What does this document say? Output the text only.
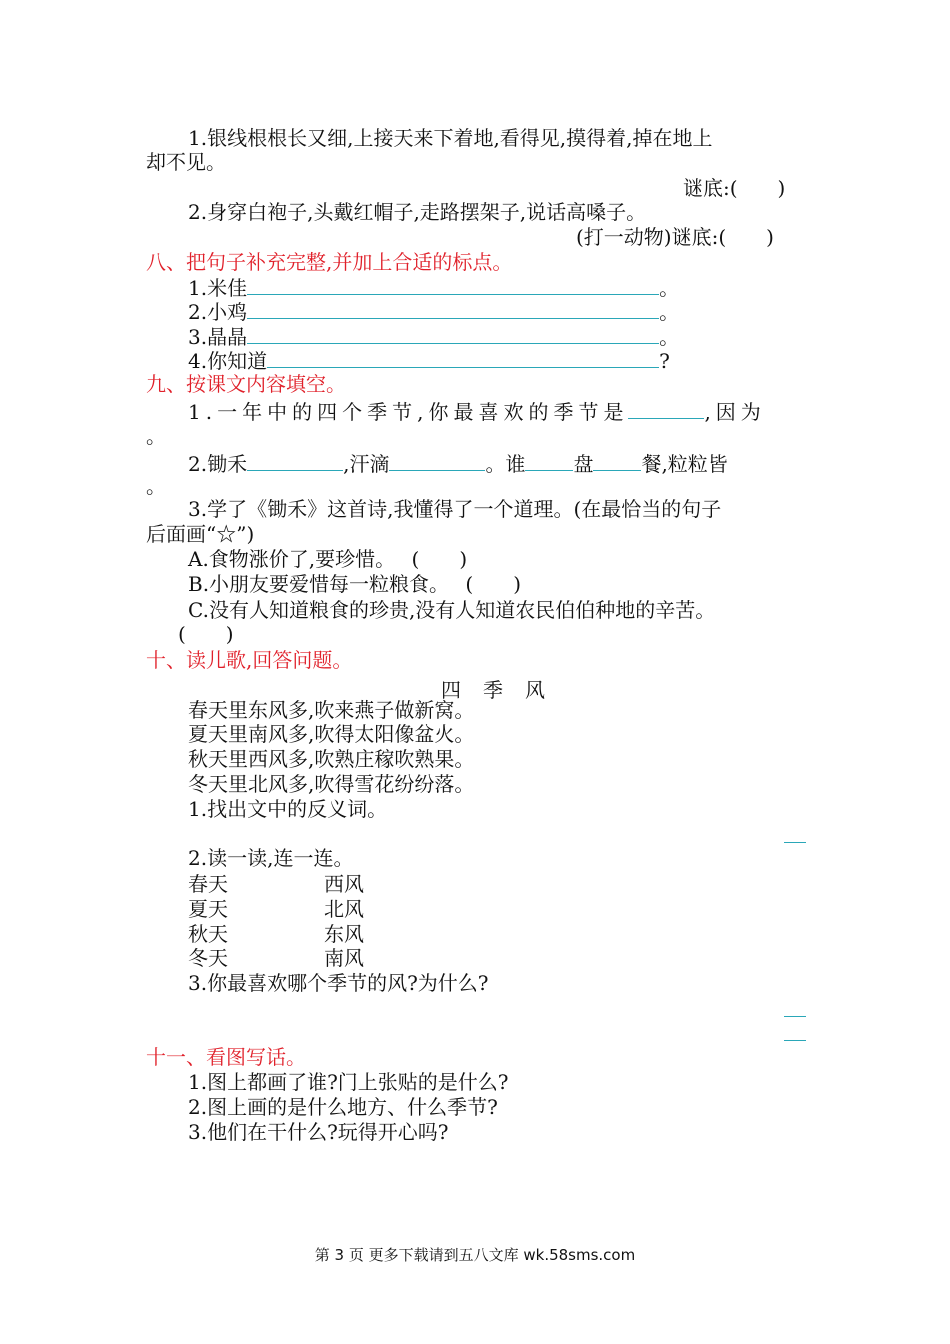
1.银线根根长又细,上接天来下着地,看得见,摸得着,掉在地上
却不见。
谜底:(　　)
2.身穿白袍子,头戴红帽子,走路摆架子,说话高嗓子。
(打一动物)谜底:(　　)
八、把句子补充完整,并加上合适的标点。
1.米佳	。
2.小鸡	。
3.晶晶	。
4.你知道	?
九、按课文内容填空。
1.一年中的四个季节,你最喜欢的季节是	,因为
。
2.锄禾	,汗滴	。谁 盘 餐,粒粒皆
。
3.学了《锄禾》这首诗,我懂得了一个道理。(在最恰当的句子
后面画“☆”)
A.食物涨价了,要珍惜。　 (　　)
B.小朋友要爱惜每一粒粮食。　 (　　)
C.没有人知道粮食的珍贵,没有人知道农民伯伯种地的辛苦。
(　　)
十、读儿歌,回答问题。
四季风
春天里东风多,吹来燕子做新窝。
夏天里南风多,吹得太阳像盆火。
秋天里西风多,吹熟庄稼吹熟果。
冬天里北风多,吹得雪花纷纷落。
1.找出文中的反义词。
2.读一读,连一连。
春天	西风
夏天	北风
秋天	东风
冬天	南风
3.你最喜欢哪个季节的风?为什么?
十一、看图写话。
1.图上都画了谁?门上张贴的是什么?
2.图上画的是什么地方、什么季节?
3.他们在干什么?玩得开心吗?
第 3 页 更多下载请到五八文库 wk.58sms.com
